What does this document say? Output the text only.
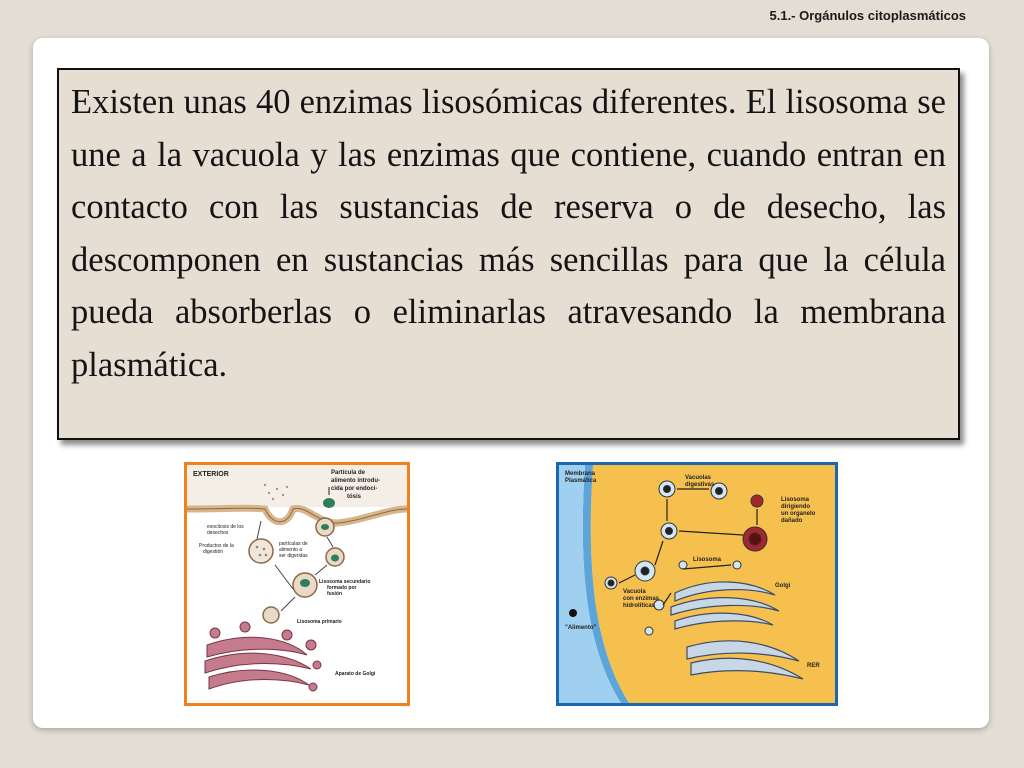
5.1.- Orgánulos citoplasmáticos

Existen unas 40 enzimas lisosómicas diferentes. El lisosoma se une a la vacuola y las enzimas que contiene, cuando entran en contacto con las sustancias de reserva o de desecho, las descomponen en sustancias más sencillas para que la célula pueda absorberlas o eliminarlas atravesando la membrana plasmática.

EXTERIOR	Partícula de
alimento introdu-
cida por endoci-
tósis
exocitosis de los
desechos
Productos de la
digestión
partículas de
alimento a
ser digeridas
Lisosoma secundario
formado por
fusión
Lisosoma primario
Aparato de Golgi
Membrana
Plasmática	Vacuolas
digestivas
Lisosoma
dirigiendo
un organelo
dañado
Lisosoma
Golgi
Vacuola
con enzimas
hidrolíticas
"Alimento"
RER
